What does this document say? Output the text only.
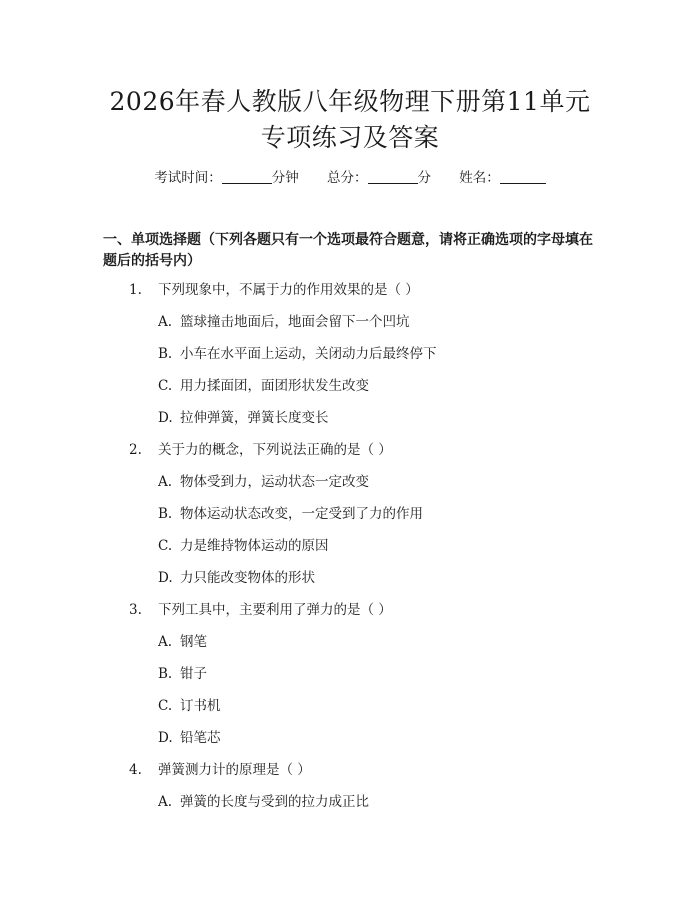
2026年春人教版八年级物理下册第11单元
专项练习及答案
考试时间：	分钟 总分：	分 姓名：
一、单项选择题（下列各题只有一个选项最符合题意，请将正确选项的字母填在题后的括号内）
1. 下列现象中，不属于力的作用效果的是（ ）
A. 篮球撞击地面后，地面会留下一个凹坑
B. 小车在水平面上运动，关闭动力后最终停下
C. 用力揉面团，面团形状发生改变
D. 拉伸弹簧，弹簧长度变长
2. 关于力的概念，下列说法正确的是（ ）
A. 物体受到力，运动状态一定改变
B. 物体运动状态改变，一定受到了力的作用
C. 力是维持物体运动的原因
D. 力只能改变物体的形状
3. 下列工具中，主要利用了弹力的是（ ）
A. 钢笔
B. 钳子
C. 订书机
D. 铅笔芯
4. 弹簧测力计的原理是（ ）
A. 弹簧的长度与受到的拉力成正比
